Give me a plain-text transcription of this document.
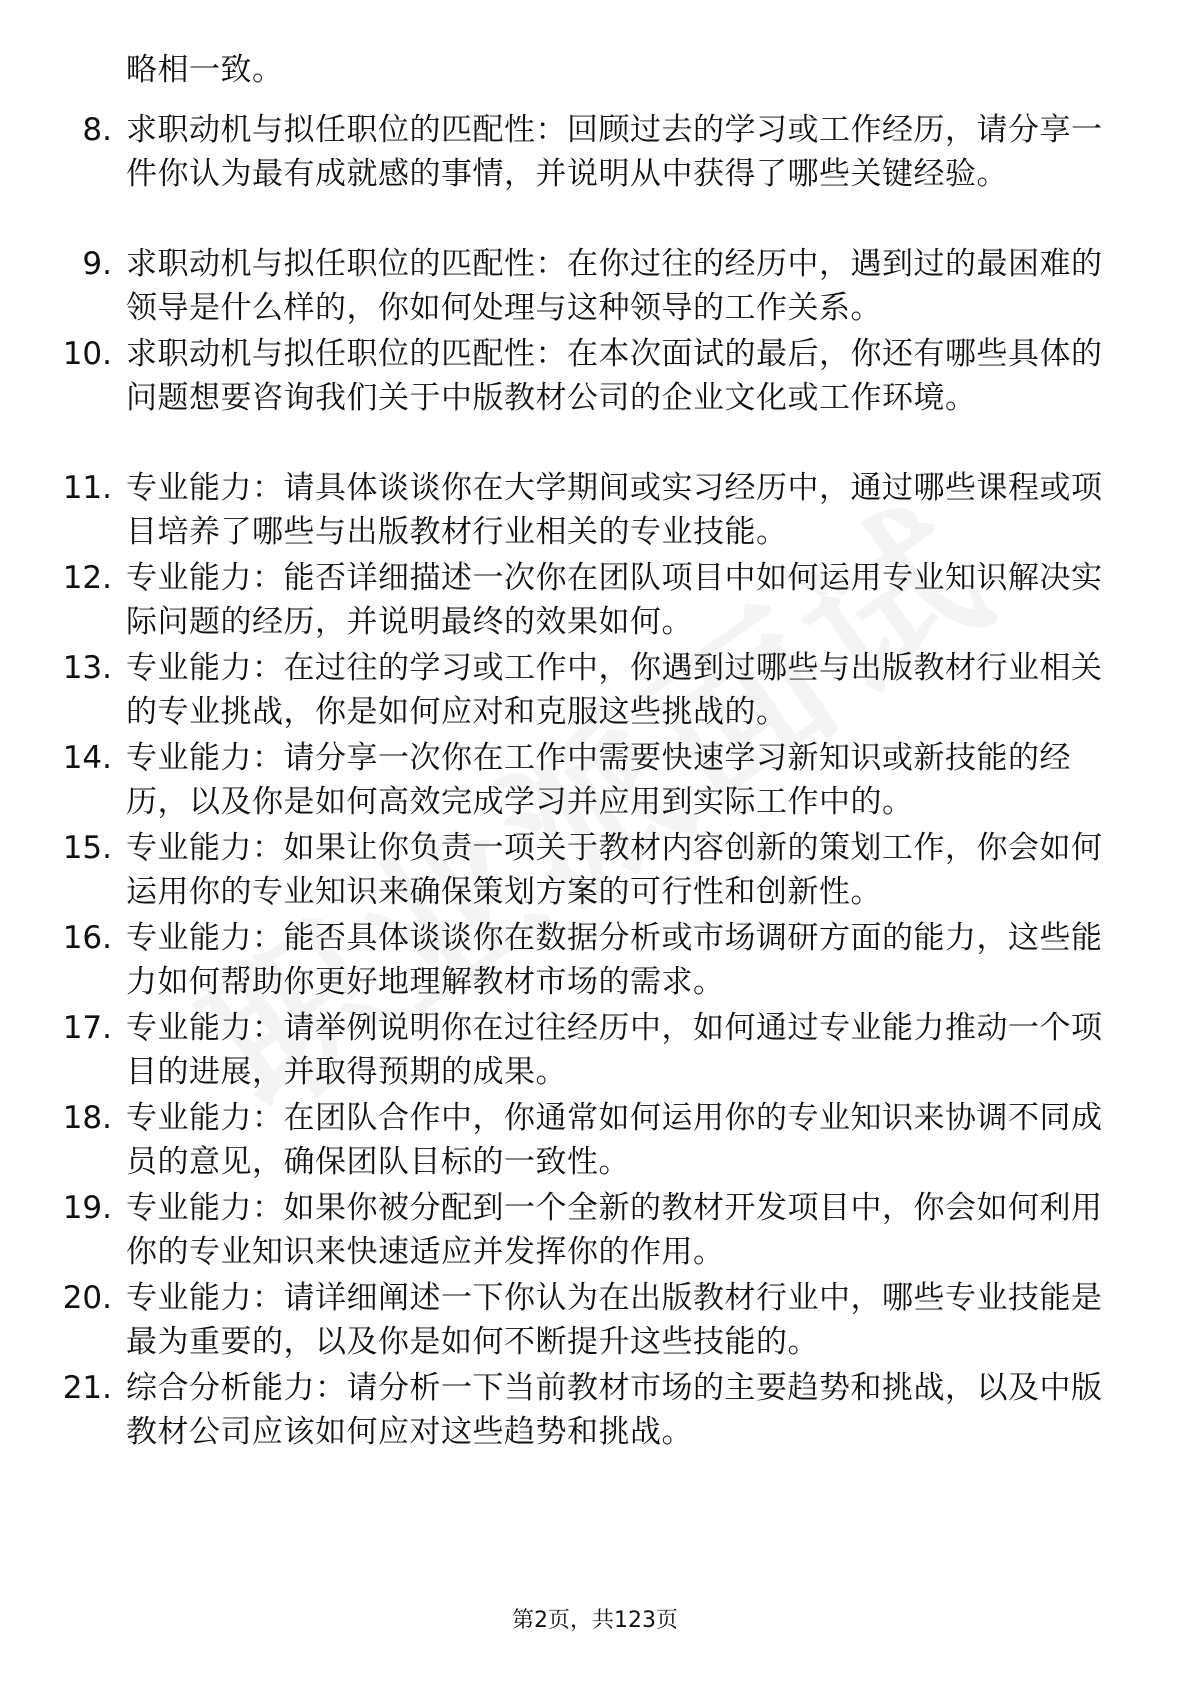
略相一致。
8. 求职动机与拟任职位的匹配性：回顾过去的学习或工作经历，请分享一件你认为最有成就感的事情，并说明从中获得了哪些关键经验。
9. 求职动机与拟任职位的匹配性：在你过往的经历中，遇到过的最困难的领导是什么样的，你如何处理与这种领导的工作关系。
10. 求职动机与拟任职位的匹配性：在本次面试的最后，你还有哪些具体的问题想要咨询我们关于中版教材公司的企业文化或工作环境。
11. 专业能力：请具体谈谈你在大学期间或实习经历中，通过哪些课程或项目培养了哪些与出版教材行业相关的专业技能。
12. 专业能力：能否详细描述一次你在团队项目中如何运用专业知识解决实际问题的经历，并说明最终的效果如何。
13. 专业能力：在过往的学习或工作中，你遇到过哪些与出版教材行业相关的专业挑战，你是如何应对和克服这些挑战的。
14. 专业能力：请分享一次你在工作中需要快速学习新知识或新技能的经历，以及你是如何高效完成学习并应用到实际工作中的。
15. 专业能力：如果让你负责一项关于教材内容创新的策划工作，你会如何运用你的专业知识来确保策划方案的可行性和创新性。
16. 专业能力：能否具体谈谈你在数据分析或市场调研方面的能力，这些能力如何帮助你更好地理解教材市场的需求。
17. 专业能力：请举例说明你在过往经历中，如何通过专业能力推动一个项目的进展，并取得预期的成果。
18. 专业能力：在团队合作中，你通常如何运用你的专业知识来协调不同成员的意见，确保团队目标的一致性。
19. 专业能力：如果你被分配到一个全新的教材开发项目中，你会如何利用你的专业知识来快速适应并发挥你的作用。
20. 专业能力：请详细阐述一下你认为在出版教材行业中，哪些专业技能是最为重要的，以及你是如何不断提升这些技能的。
21. 综合分析能力：请分析一下当前教材市场的主要趋势和挑战，以及中版教材公司应该如何应对这些趋势和挑战。
第2页，共123页
